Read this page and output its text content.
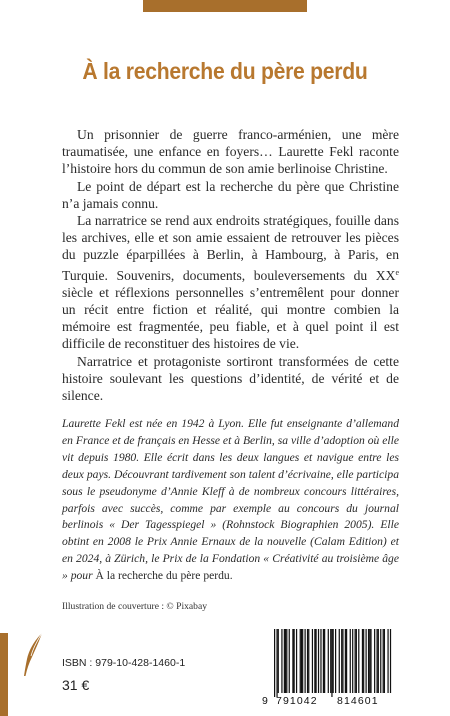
À la recherche du père perdu

Un prisonnier de guerre franco-arménien, une mère traumatisée, une enfance en foyers… Laurette Fekl raconte l’histoire hors du commun de son amie berlinoise Christine.

Le point de départ est la recherche du père que Christine n’a jamais connu.

La narratrice se rend aux endroits stratégiques, fouille dans les archives, elle et son amie essaient de retrouver les pièces du puzzle éparpillées à Berlin, à Hambourg, à Paris, en Turquie. Souvenirs, documents, bouleversements du XXe siècle et réflexions personnelles s’entremêlent pour donner un récit entre fiction et réalité, qui montre combien la mémoire est fragmentée, peu fiable, et à quel point il est difficile de reconstituer des histoires de vie.

Narratrice et protagoniste sortiront transformées de cette histoire soulevant les questions d’identité, de vérité et de silence.

Laurette Fekl est née en 1942 à Lyon. Elle fut enseignante d’allemand en France et de français en Hesse et à Berlin, sa ville d’adoption où elle vit depuis 1980. Elle écrit dans les deux langues et navigue entre les deux pays. Découvrant tardivement son talent d’écrivaine, elle participa sous le pseudonyme d’Annie Kleff à de nombreux concours littéraires, parfois avec succès, comme par exemple au concours du journal berlinois « Der Tagesspiegel » (Rohnstock Biographien 2005). Elle obtint en 2008 le Prix Annie Ernaux de la nouvelle (Calam Edition) et en 2024, à Zürich, le Prix de la Fondation « Créativité au troisième âge » pour À la recherche du père perdu.

Illustration de couverture : © Pixabay
ISBN : 979-10-428-1460-1
31 €
9 791042 814601
